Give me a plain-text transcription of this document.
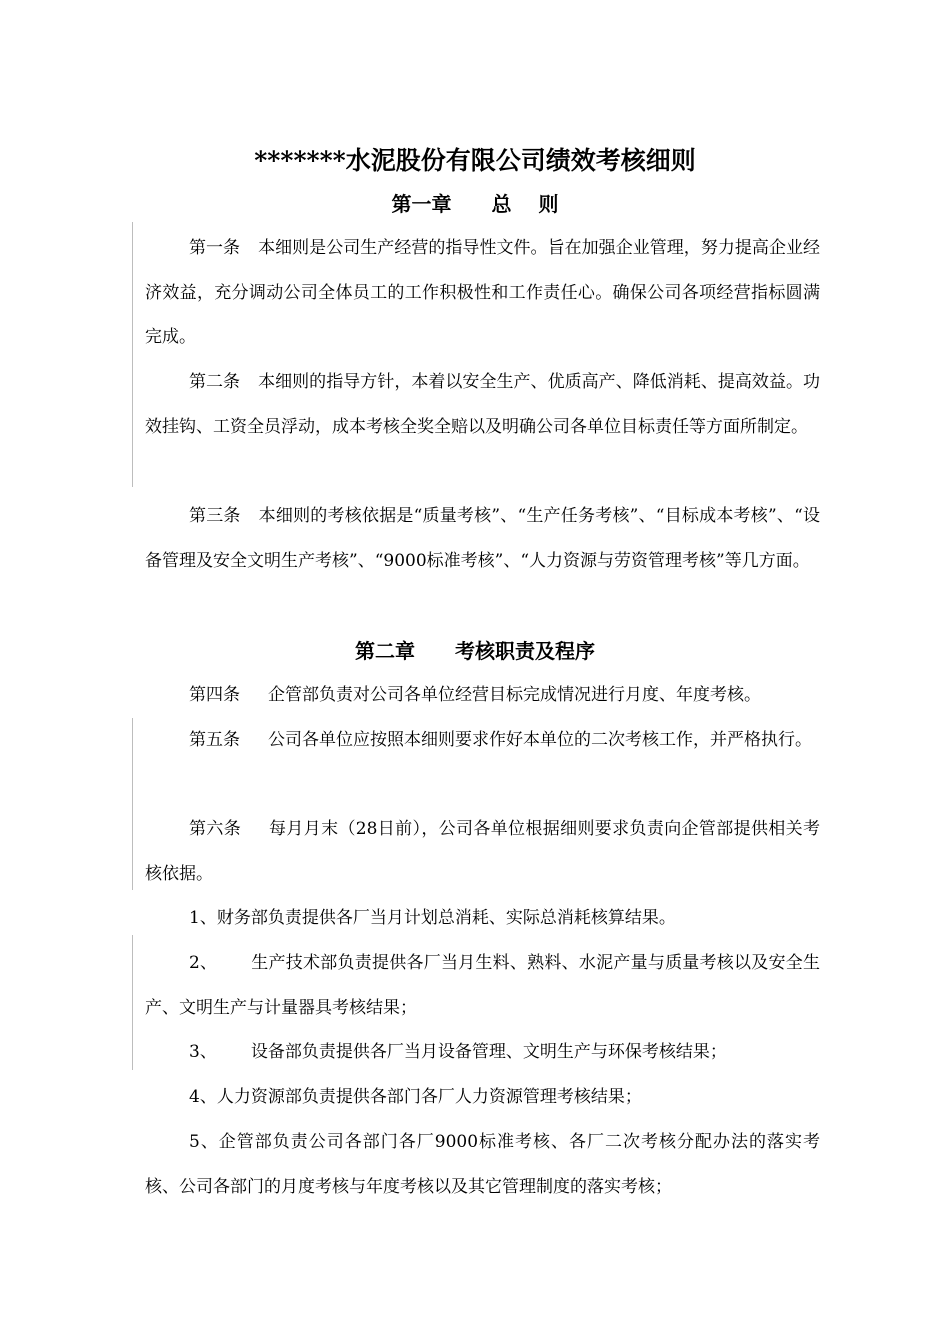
*******水泥股份有限公司绩效考核细则
第一章　　总　 则
第一条 本细则是公司生产经营的指导性文件。旨在加强企业管理，努力提高企业经济效益，充分调动公司全体员工的工作积极性和工作责任心。确保公司各项经营指标圆满完成。
第二条 本细则的指导方针，本着以安全生产、优质高产、降低消耗、提高效益。功效挂钩、工资全员浮动，成本考核全奖全赔以及明确公司各单位目标责任等方面所制定。
第三条 本细则的考核依据是“质量考核”、“生产任务考核”、“目标成本考核”、“设备管理及安全文明生产考核”、“9000标准考核”、“人力资源与劳资管理考核”等几方面。
第二章　　考核职责及程序
第四条 企管部负责对公司各单位经营目标完成情况进行月度、年度考核。
第五条 公司各单位应按照本细则要求作好本单位的二次考核工作，并严格执行。
第六条 每月月末（28日前），公司各单位根据细则要求负责向企管部提供相关考核依据。
1、财务部负责提供各厂当月计划总消耗、实际总消耗核算结果。
2、 生产技术部负责提供各厂当月生料、熟料、水泥产量与质量考核以及安全生产、文明生产与计量器具考核结果；
3、 设备部负责提供各厂当月设备管理、文明生产与环保考核结果；
4、人力资源部负责提供各部门各厂人力资源管理考核结果；
5、企管部负责公司各部门各厂9000标准考核、各厂二次考核分配办法的落实考核、公司各部门的月度考核与年度考核以及其它管理制度的落实考核；
